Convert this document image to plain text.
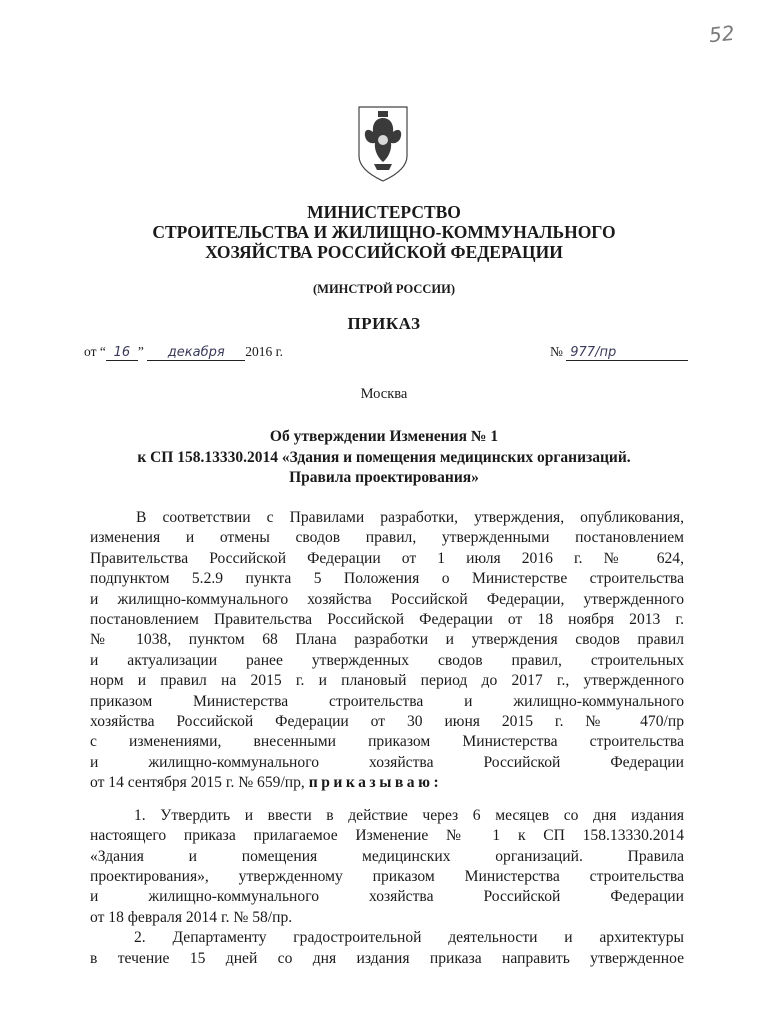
52
МИНИСТЕРСТВО
СТРОИТЕЛЬСТВА И ЖИЛИЩНО-КОММУНАЛЬНОГО
ХОЗЯЙСТВА РОССИЙСКОЙ ФЕДЕРАЦИИ
(МИНСТРОЙ РОССИИ)
ПРИКАЗ
от “ 16 ” декабря 2016 г.	№ 977/пр
Москва
Об утверждении Изменения № 1
к СП 158.13330.2014 «Здания и помещения медицинских организаций.
Правила проектирования»
В соответствии с Правилами разработки, утверждения, опубликования,
изменения и отмены сводов правил, утвержденными постановлением
Правительства Российской Федерации от 1 июля 2016 г. № 624,
подпунктом 5.2.9 пункта 5 Положения о Министерстве строительства
и жилищно-коммунального хозяйства Российской Федерации, утвержденного
постановлением Правительства Российской Федерации от 18 ноября 2013 г.
№ 1038, пунктом 68 Плана разработки и утверждения сводов правил
и актуализации ранее утвержденных сводов правил, строительных
норм и правил на 2015 г. и плановый период до 2017 г., утвержденного
приказом Министерства строительства и жилищно-коммунального
хозяйства Российской Федерации от 30 июня 2015 г. № 470/пр
с изменениями, внесенными приказом Министерства строительства
и жилищно-коммунального хозяйства Российской Федерации
от 14 сентября 2015 г. № 659/пр, приказываю:
1. Утвердить и ввести в действие через 6 месяцев со дня издания
настоящего приказа прилагаемое Изменение № 1 к СП 158.13330.2014
«Здания и помещения медицинских организаций. Правила
проектирования», утвержденному приказом Министерства строительства
и жилищно-коммунального хозяйства Российской Федерации
от 18 февраля 2014 г. № 58/пр.
2. Департаменту градостроительной деятельности и архитектуры
в течение 15 дней со дня издания приказа направить утвержденное
